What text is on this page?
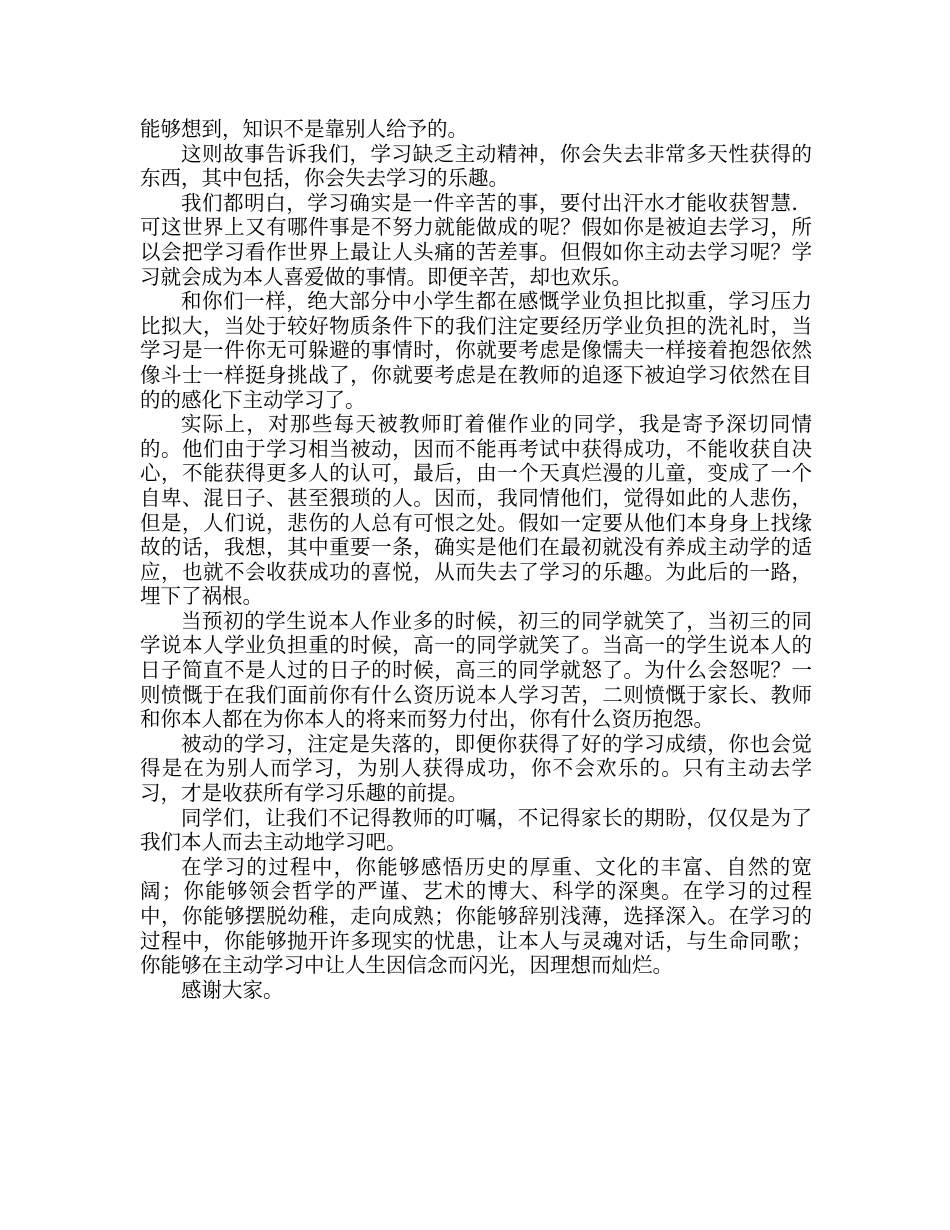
能够想到，知识不是靠别人给予的。

这则故事告诉我们，学习缺乏主动精神，你会失去非常多天性获得的东西，其中包括，你会失去学习的乐趣。

我们都明白，学习确实是一件辛苦的事，要付出汗水才能收获智慧．可这世界上又有哪件事是不努力就能做成的呢？假如你是被迫去学习，所以会把学习看作世界上最让人头痛的苦差事。但假如你主动去学习呢？学习就会成为本人喜爱做的事情。即便辛苦，却也欢乐。

和你们一样，绝大部分中小学生都在感慨学业负担比拟重，学习压力比拟大，当处于较好物质条件下的我们注定要经历学业负担的洗礼时，当学习是一件你无可躲避的事情时，你就要考虑是像懦夫一样接着抱怨依然像斗士一样挺身挑战了，你就要考虑是在教师的追逐下被迫学习依然在目的的感化下主动学习了。

实际上，对那些每天被教师盯着催作业的同学，我是寄予深切同情的。他们由于学习相当被动，因而不能再考试中获得成功，不能收获自决心，不能获得更多人的认可，最后，由一个天真烂漫的儿童，变成了一个自卑、混日子、甚至猥琐的人。因而，我同情他们，觉得如此的人悲伤，但是，人们说，悲伤的人总有可恨之处。假如一定要从他们本身身上找缘故的话，我想，其中重要一条，确实是他们在最初就没有养成主动学的适应，也就不会收获成功的喜悦，从而失去了学习的乐趣。为此后的一路，埋下了祸根。

当预初的学生说本人作业多的时候，初三的同学就笑了，当初三的同学说本人学业负担重的时候，高一的同学就笑了。当高一的学生说本人的日子简直不是人过的日子的时候，高三的同学就怒了。为什么会怒呢？一则愤慨于在我们面前你有什么资历说本人学习苦，二则愤慨于家长、教师和你本人都在为你本人的将来而努力付出，你有什么资历抱怨。

被动的学习，注定是失落的，即便你获得了好的学习成绩，你也会觉得是在为别人而学习，为别人获得成功，你不会欢乐的。只有主动去学习，才是收获所有学习乐趣的前提。

同学们，让我们不记得教师的叮嘱，不记得家长的期盼，仅仅是为了我们本人而去主动地学习吧。

在学习的过程中，你能够感悟历史的厚重、文化的丰富、自然的宽阔；你能够领会哲学的严谨、艺术的博大、科学的深奥。在学习的过程中，你能够摆脱幼稚，走向成熟；你能够辞别浅薄，选择深入。在学习的过程中，你能够抛开许多现实的忧患，让本人与灵魂对话，与生命同歌；你能够在主动学习中让人生因信念而闪光，因理想而灿烂。

感谢大家。
